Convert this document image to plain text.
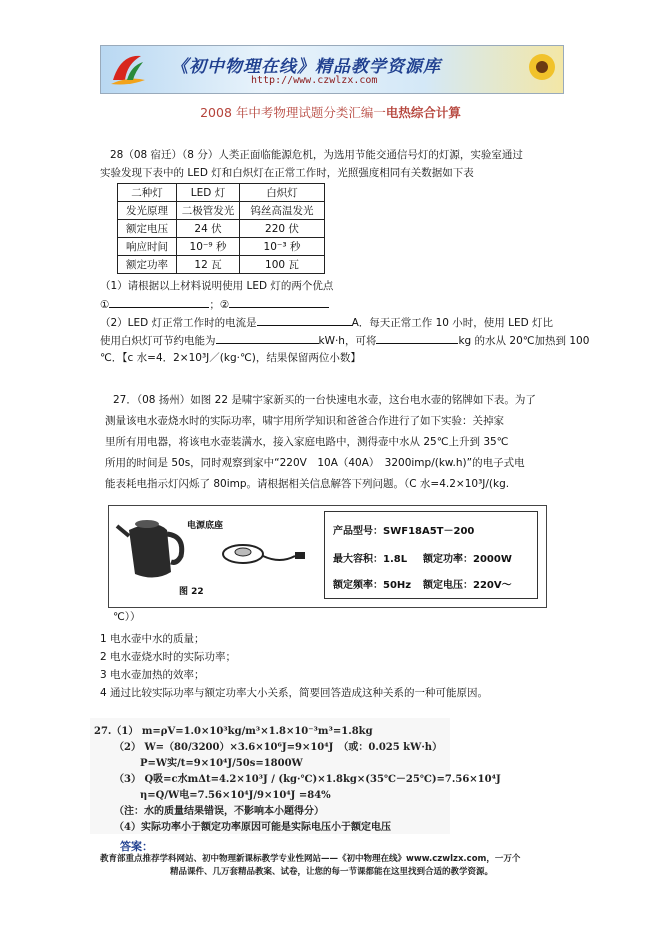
《初中物理在线》精品教学资源库
http://www.czwlzx.com
2008 年中考物理试题分类汇编一电热综合计算
28（08 宿迁）（8 分）人类正面临能源危机，为选用节能交通信号灯的灯源，实验室通过
实验发现下表中的 LED 灯和白炽灯在正常工作时，光照强度相同有关数据如下表
二种灯	LED 灯	白炽灯
发光原理	二极管发光	钨丝高温发光
额定电压	24 伏	220 伏
响应时间	10⁻⁹ 秒	10⁻³ 秒
额定功率	12 瓦	100 瓦
（1）请根据以上材料说明使用 LED 灯的两个优点
①	；②
（2）LED 灯正常工作时的电流是	A．每天正常工作 10 小时，使用 LED 灯比
使用白炽灯可节约电能为	kW·h，可将	kg 的水从 20℃加热到 100
℃．【c 水=4．2×10³J／(kg·℃)，结果保留两位小数】
27．（08 扬州）如图 22 是啸宇家新买的一台快速电水壶，这台电水壶的铭牌如下表。为了
测量该电水壶烧水时的实际功率，啸宇用所学知识和爸爸合作进行了如下实验：关掉家
里所有用电器，将该电水壶装满水，接入家庭电路中，测得壶中水从 25℃上升到 35℃
所用的时间是 50s，同时观察到家中“220V　10A（40A）　3200imp/(kw.h)”的电子式电
能表耗电指示灯闪烁了 80imp。请根据相关信息解答下列问题。（C 水=4.2×10³J/(kg.
电源底座
图 22
产品型号：SWF18A5T－200
最大容积：1.8L 额定功率：2000W
额定频率：50Hz 额定电压：220V～
℃））
1 电水壶中水的质量；
2 电水壶烧水时的实际功率；
3 电水壶加热的效率；
4 通过比较实际功率与额定功率大小关系，简要回答造成这种关系的一种可能原因。
27.（1） m=ρV=1.0×10³kg/m³×1.8×10⁻³m³=1.8kg
（2） W=（80/3200）×3.6×10⁶J=9×10⁴J　（或：0.025 kW·h）
P=W实/t=9×10⁴J/50s=1800W
（3） Q吸=c水mΔt=4.2×10³J / (kg·℃)×1.8kg×(35℃－25℃)=7.56×10⁴J
η=Q/W电=7.56×10⁴J/9×10⁴J =84%
（注：水的质量结果错误，不影响本小题得分）
（4）实际功率小于额定功率原因可能是实际电压小于额定电压
答案：
教育部重点推荐学科网站、初中物理新课标教学专业性网站——《初中物理在线》www.czwlzx.com，一万个
精品课件、几万套精品教案、试卷，让您的每一节课都能在这里找到合适的教学资源。
